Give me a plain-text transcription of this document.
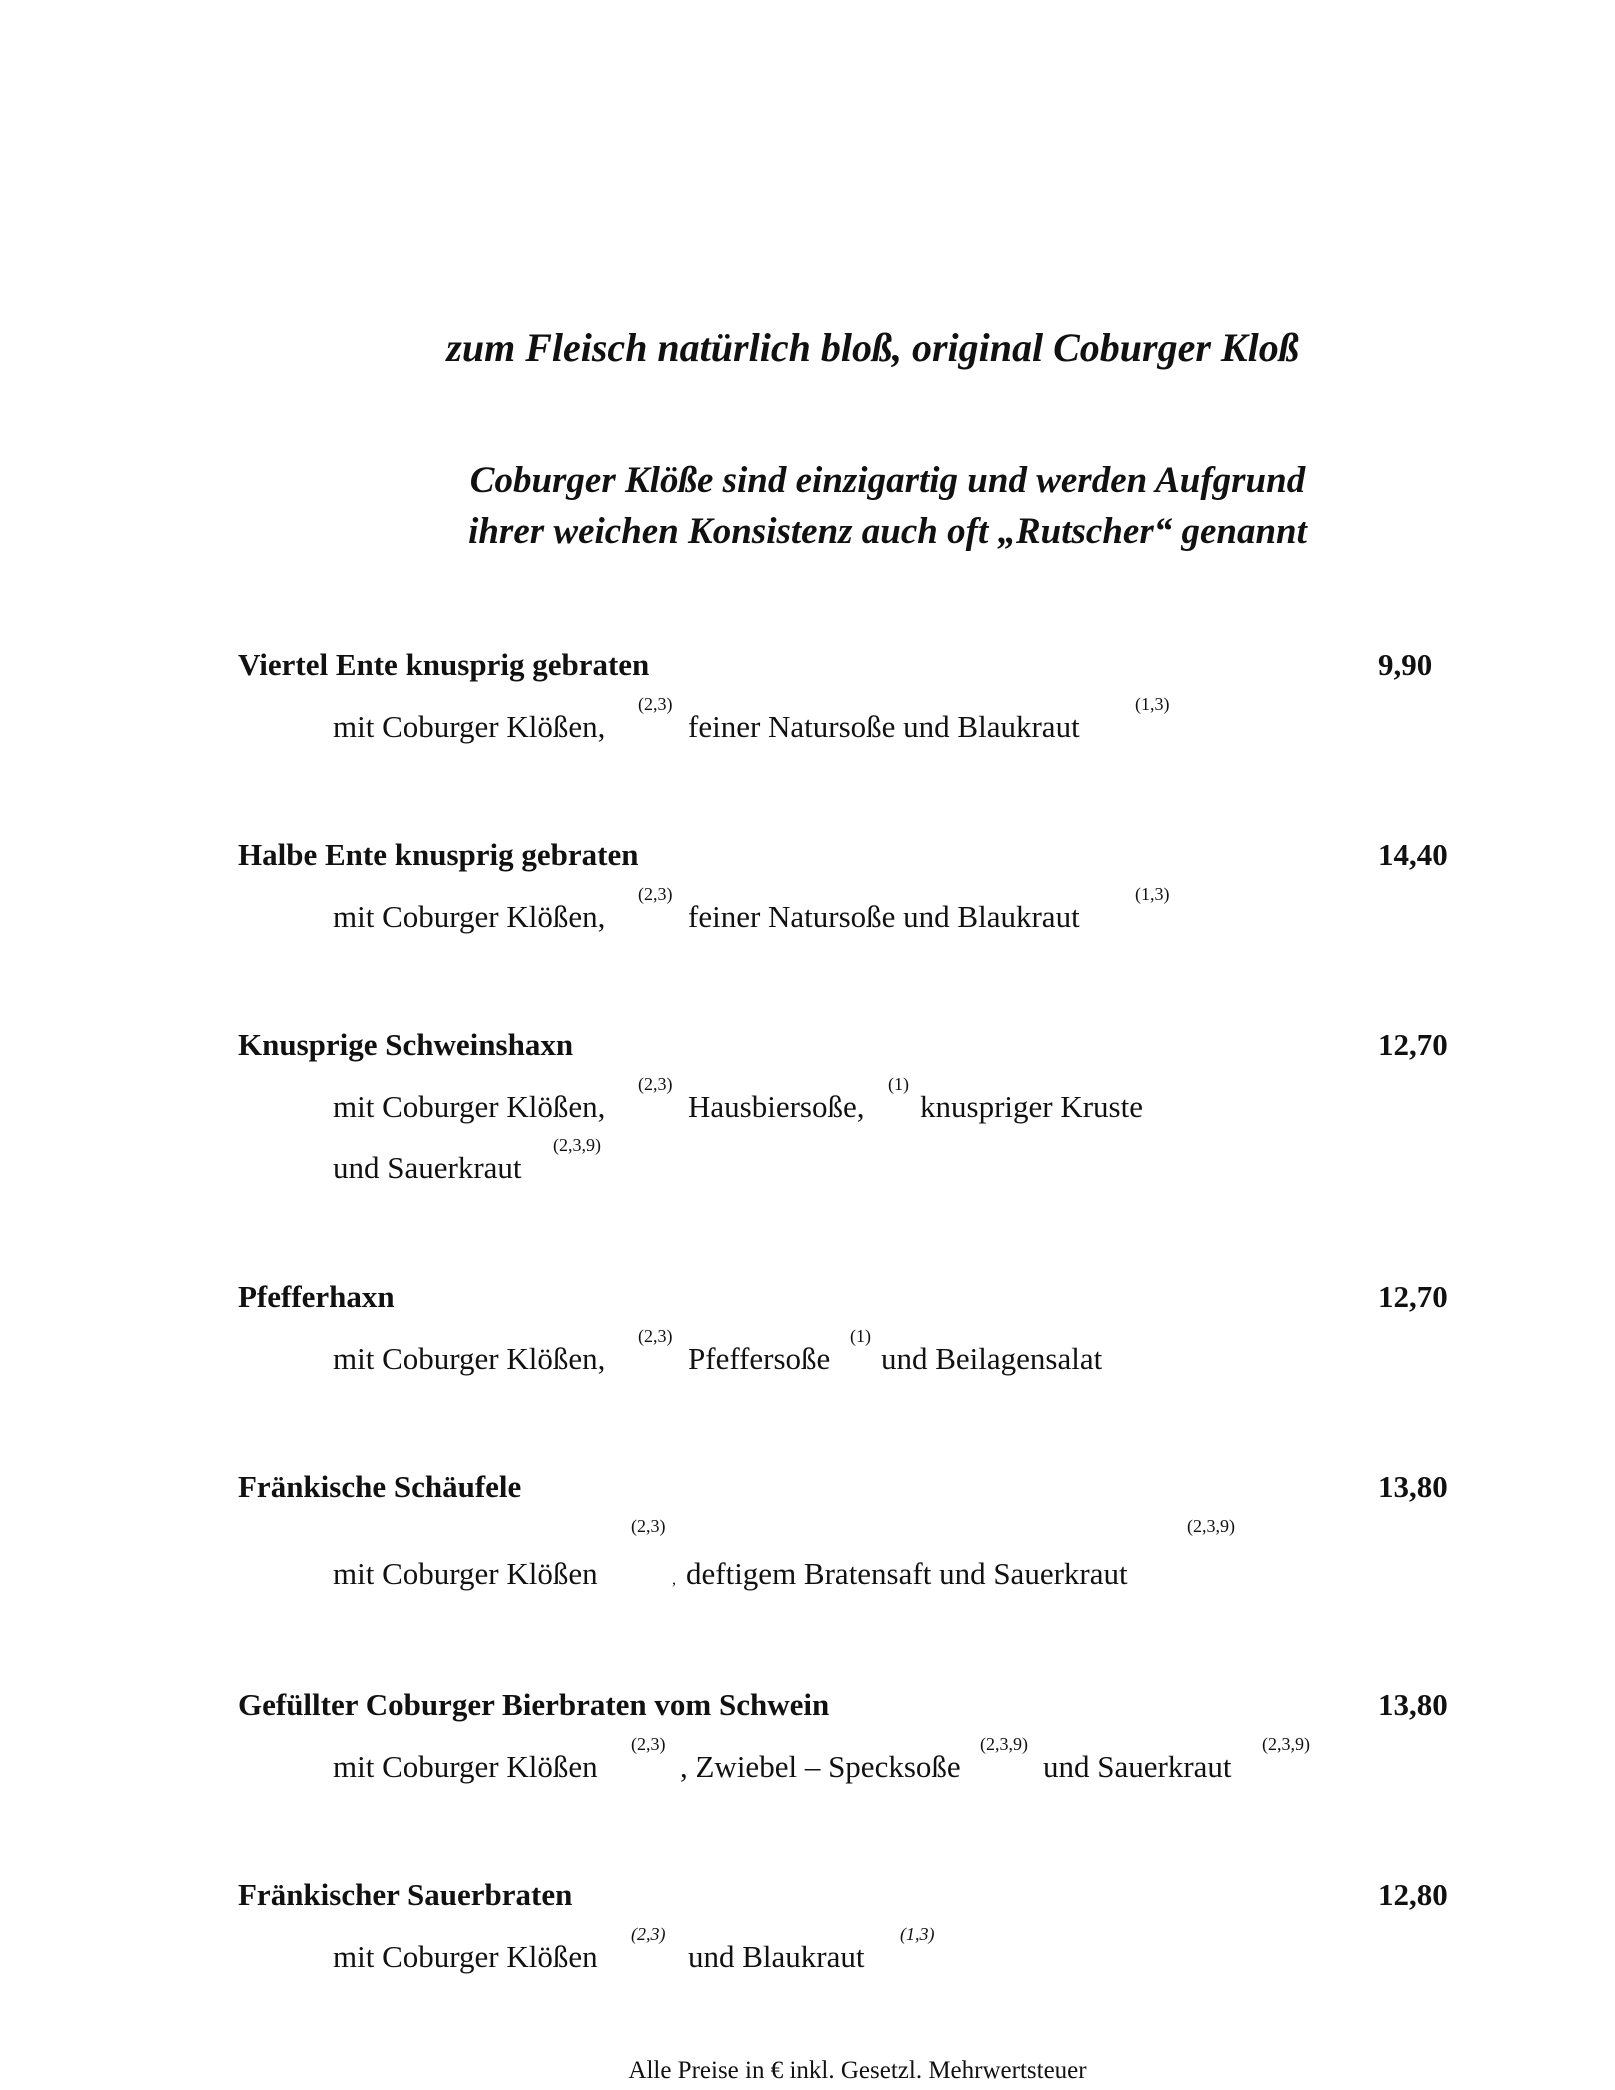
zum Fleisch natürlich bloß, original Coburger Kloß
Coburger Klöße sind einzigartig und werden Aufgrund
ihrer weichen Konsistenz auch oft „Rutscher“ genannt
Viertel Ente knusprig gebraten	9,90
mit Coburger Klößen,
(2,3)
feiner Natursoße und Blaukraut
(1,3)
Halbe Ente knusprig gebraten	14,40
mit Coburger Klößen,
(2,3)
feiner Natursoße und Blaukraut
(1,3)
Knusprige Schweinshaxn	12,70
mit Coburger Klößen,
(2,3)
Hausbiersoße,
(1)
knuspriger Kruste
und Sauerkraut
(2,3,9)
Pfefferhaxn	12,70
mit Coburger Klößen,
(2,3)
Pfeffersoße
(1)
und Beilagensalat
Fränkische Schäufele	13,80
mit Coburger Klößen
(2,3)
, deftigem Bratensaft und Sauerkraut
(2,3,9)
Gefüllter Coburger Bierbraten vom Schwein	13,80
mit Coburger Klößen
(2,3)
, Zwiebel – Specksoße
(2,3,9)
und Sauerkraut
(2,3,9)
Fränkischer Sauerbraten	12,80
mit Coburger Klößen
(2,3)
und Blaukraut
(1,3)
Alle Preise in € inkl. Gesetzl. Mehrwertsteuer
